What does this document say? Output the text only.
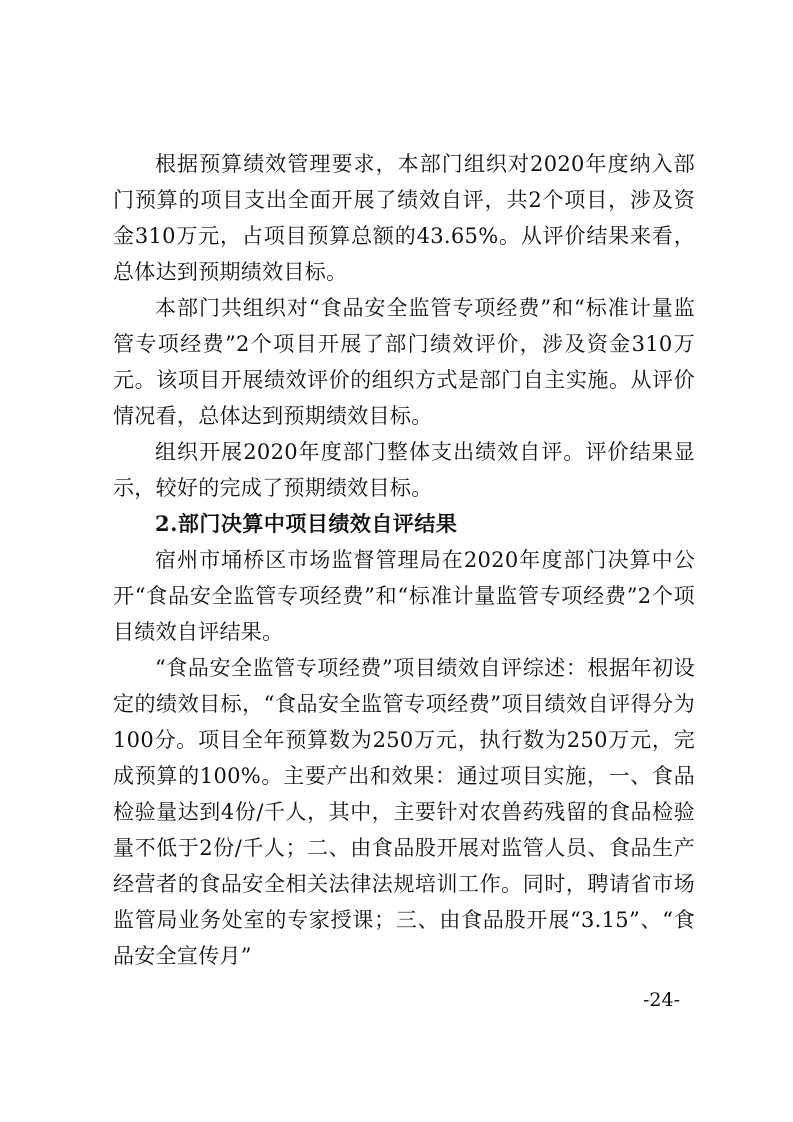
根据预算绩效管理要求，本部门组织对2020年度纳入部门预算的项目支出全面开展了绩效自评，共2个项目，涉及资金310万元，占项目预算总额的43.65%。从评价结果来看，总体达到预期绩效目标。

本部门共组织对“食品安全监管专项经费”和“标准计量监管专项经费”2个项目开展了部门绩效评价，涉及资金310万元。该项目开展绩效评价的组织方式是部门自主实施。从评价情况看，总体达到预期绩效目标。

组织开展2020年度部门整体支出绩效自评。评价结果显示，较好的完成了预期绩效目标。

2.部门决算中项目绩效自评结果

宿州市埇桥区市场监督管理局在2020年度部门决算中公开“食品安全监管专项经费”和“标准计量监管专项经费”2个项目绩效自评结果。

“食品安全监管专项经费”项目绩效自评综述：根据年初设定的绩效目标，“食品安全监管专项经费”项目绩效自评得分为100分。项目全年预算数为250万元，执行数为250万元，完成预算的100%。主要产出和效果：通过项目实施，一、食品检验量达到4份/千人，其中，主要针对农兽药残留的食品检验量不低于2份/千人；二、由食品股开展对监管人员、食品生产经营者的食品安全相关法律法规培训工作。同时，聘请省市场监管局业务处室的专家授课；三、由食品股开展“3.15”、“食品安全宣传月”

-24-
